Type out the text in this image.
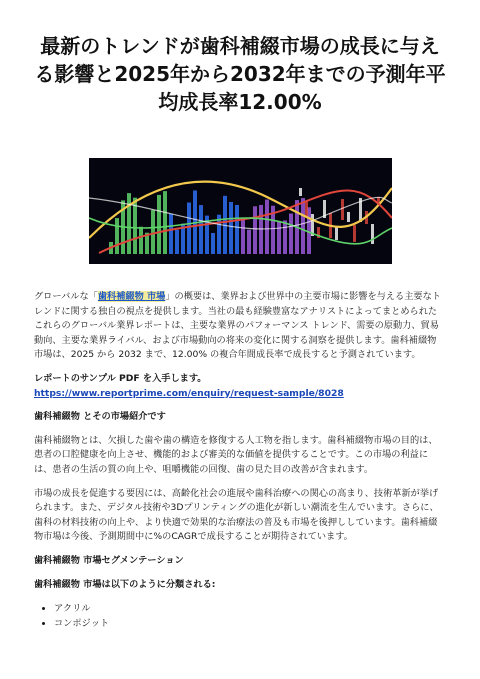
最新のトレンドが歯科補綴市場の成長に与える影響と2025年から2032年までの予測年平均成長率12.00%

グローバルな「歯科補綴物 市場」の概要は、業界および世界中の主要市場に影響を与える主要なトレンドに関する独自の視点を提供します。当社の最も経験豊富なアナリストによってまとめられたこれらのグローバル業界レポートは、主要な業界のパフォーマンス トレンド、需要の原動力、貿易動向、主要な業界ライバル、および市場動向の将来の変化に関する洞察を提供します。歯科補綴物 市場は、2025 から 2032 まで、12.00% の複合年間成長率で成長すると予測されています。

レポートのサンプル PDF を入手します。 https://www.reportprime.com/enquiry/request-sample/8028

歯科補綴物 とその市場紹介です

歯科補綴物とは、欠損した歯や歯の構造を修復する人工物を指します。歯科補綴物市場の目的は、患者の口腔健康を向上させ、機能的および審美的な価値を提供することです。この市場の利益には、患者の生活の質の向上や、咀嚼機能の回復、歯の見た目の改善が含まれます。

市場の成長を促進する要因には、高齢化社会の進展や歯科治療への関心の高まり、技術革新が挙げられます。また、デジタル技術や3Dプリンティングの進化が新しい潮流を生んでいます。さらに、歯科の材料技術の向上や、より快適で効果的な治療法の普及も市場を後押ししています。歯科補綴物市場は今後、予測期間中に%のCAGRで成長することが期待されています。

歯科補綴物 市場セグメンテーション

歯科補綴物 市場は以下のように分類される:

• アクリル
• コンポジット
